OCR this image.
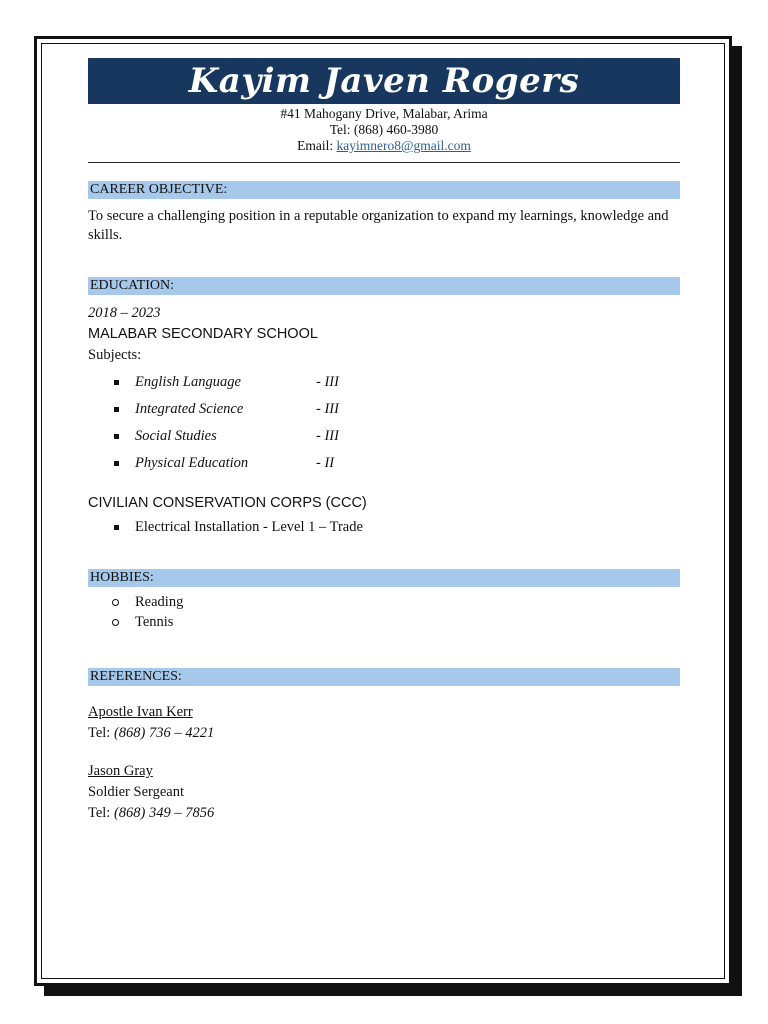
Kayim Javen Rogers
#41 Mahogany Drive, Malabar, Arima
Tel: (868) 460-3980
Email: kayimnero8@gmail.com
CAREER OBJECTIVE:
To secure a challenging position in a reputable organization to expand my learnings, knowledge and skills.
EDUCATION:
2018 – 2023
MALABAR SECONDARY SCHOOL
Subjects:
English Language	- III
Integrated Science	- III
Social Studies	- III
Physical Education	- II
CIVILIAN CONSERVATION CORPS (CCC)
Electrical Installation - Level 1 – Trade
HOBBIES:
Reading
Tennis
REFERENCES:
Apostle Ivan Kerr
Tel: (868) 736 – 4221
Jason Gray
Soldier Sergeant
Tel: (868) 349 – 7856
